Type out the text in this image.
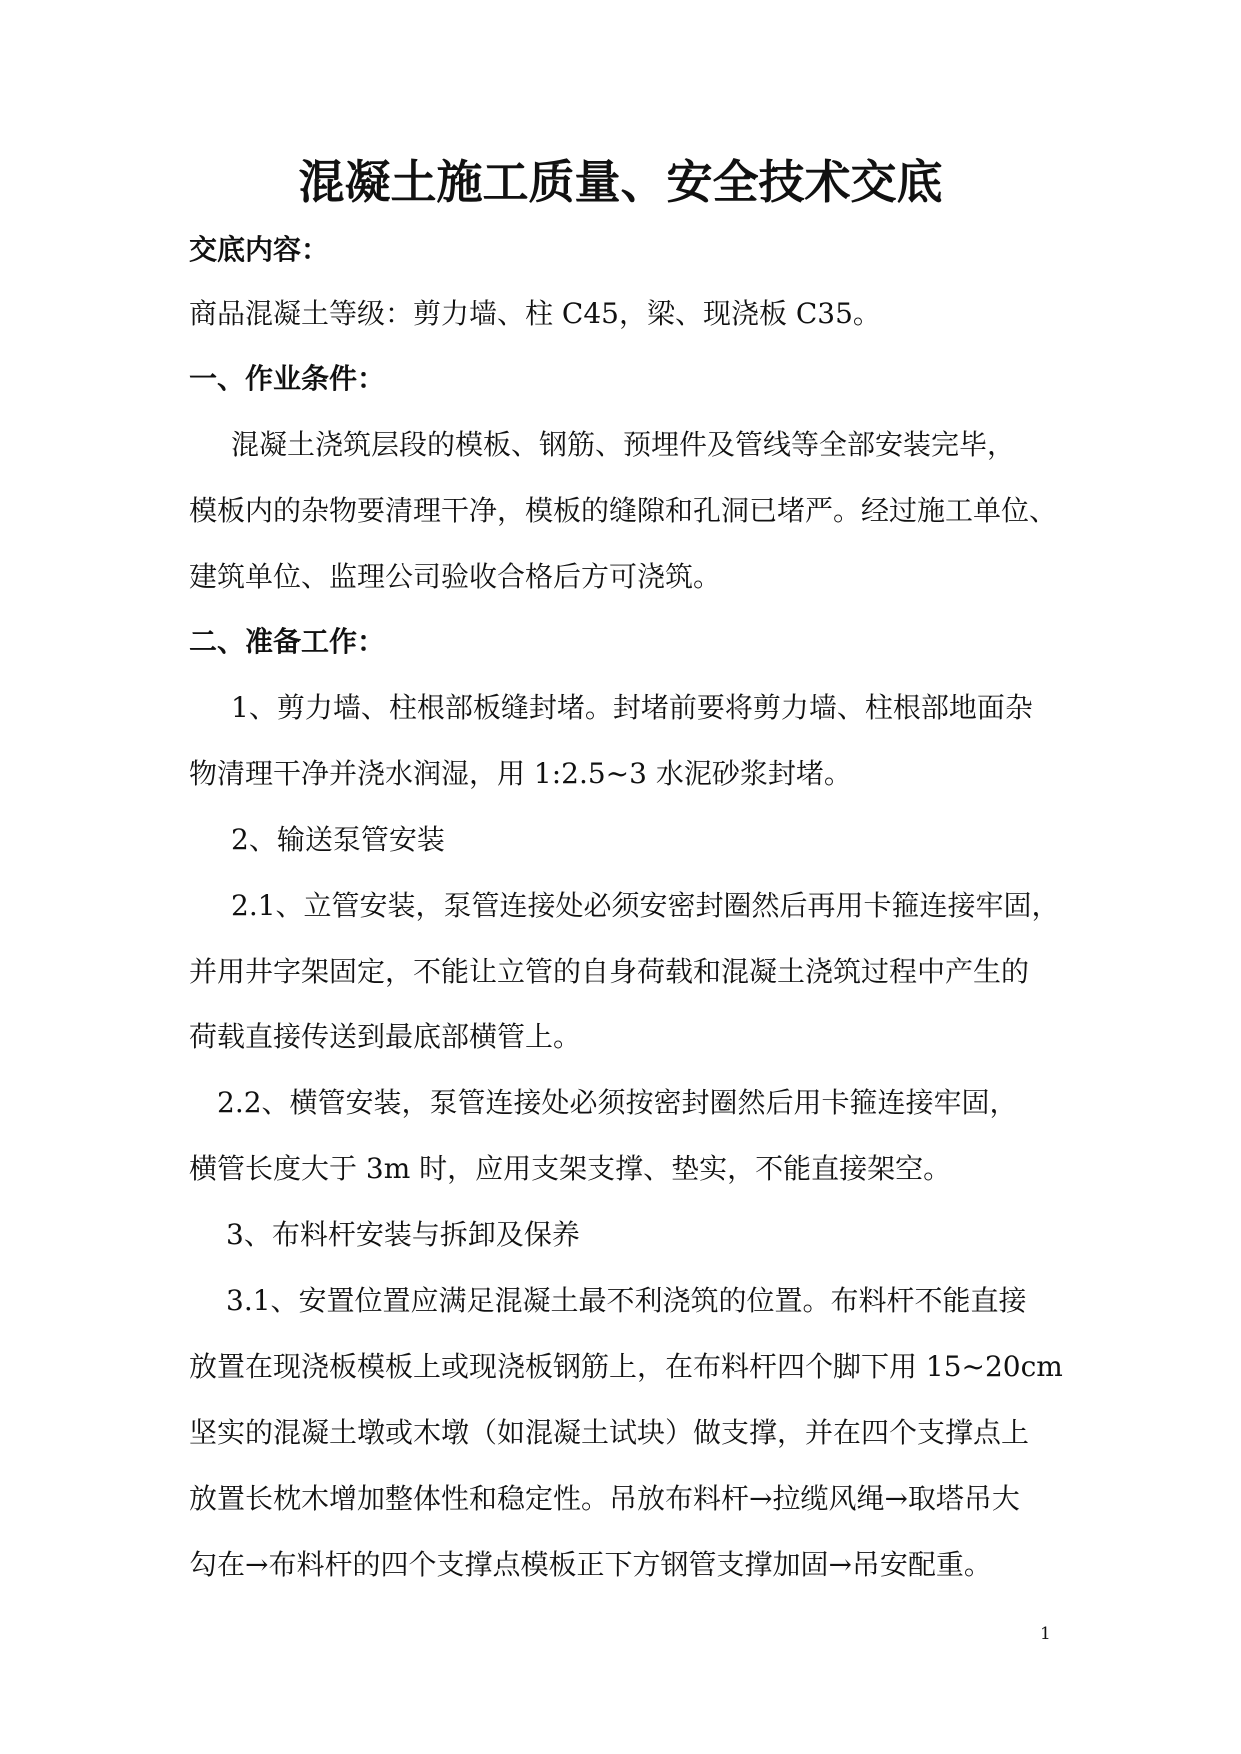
混凝土施工质量、安全技术交底

交底内容：

商品混凝土等级：剪力墙、柱 C45，梁、现浇板 C35。

一、作业条件：

混凝土浇筑层段的模板、钢筋、预埋件及管线等全部安装完毕，

模板内的杂物要清理干净，模板的缝隙和孔洞已堵严。经过施工单位、

建筑单位、监理公司验收合格后方可浇筑。

二、准备工作：

1、剪力墙、柱根部板缝封堵。封堵前要将剪力墙、柱根部地面杂

物清理干净并浇水润湿，用 1:2.5~3 水泥砂浆封堵。

2、输送泵管安装

2.1、立管安装，泵管连接处必须安密封圈然后再用卡箍连接牢固，

并用井字架固定，不能让立管的自身荷载和混凝土浇筑过程中产生的

荷载直接传送到最底部横管上。

2.2、横管安装，泵管连接处必须按密封圈然后用卡箍连接牢固，

横管长度大于 3m 时，应用支架支撑、垫实，不能直接架空。

3、布料杆安装与拆卸及保养

3.1、安置位置应满足混凝土最不利浇筑的位置。布料杆不能直接

放置在现浇板模板上或现浇板钢筋上，在布料杆四个脚下用 15~20cm

坚实的混凝土墩或木墩（如混凝土试块）做支撑，并在四个支撑点上

放置长枕木增加整体性和稳定性。吊放布料杆→拉缆风绳→取塔吊大

勾在→布料杆的四个支撑点模板正下方钢管支撑加固→吊安配重。

1
